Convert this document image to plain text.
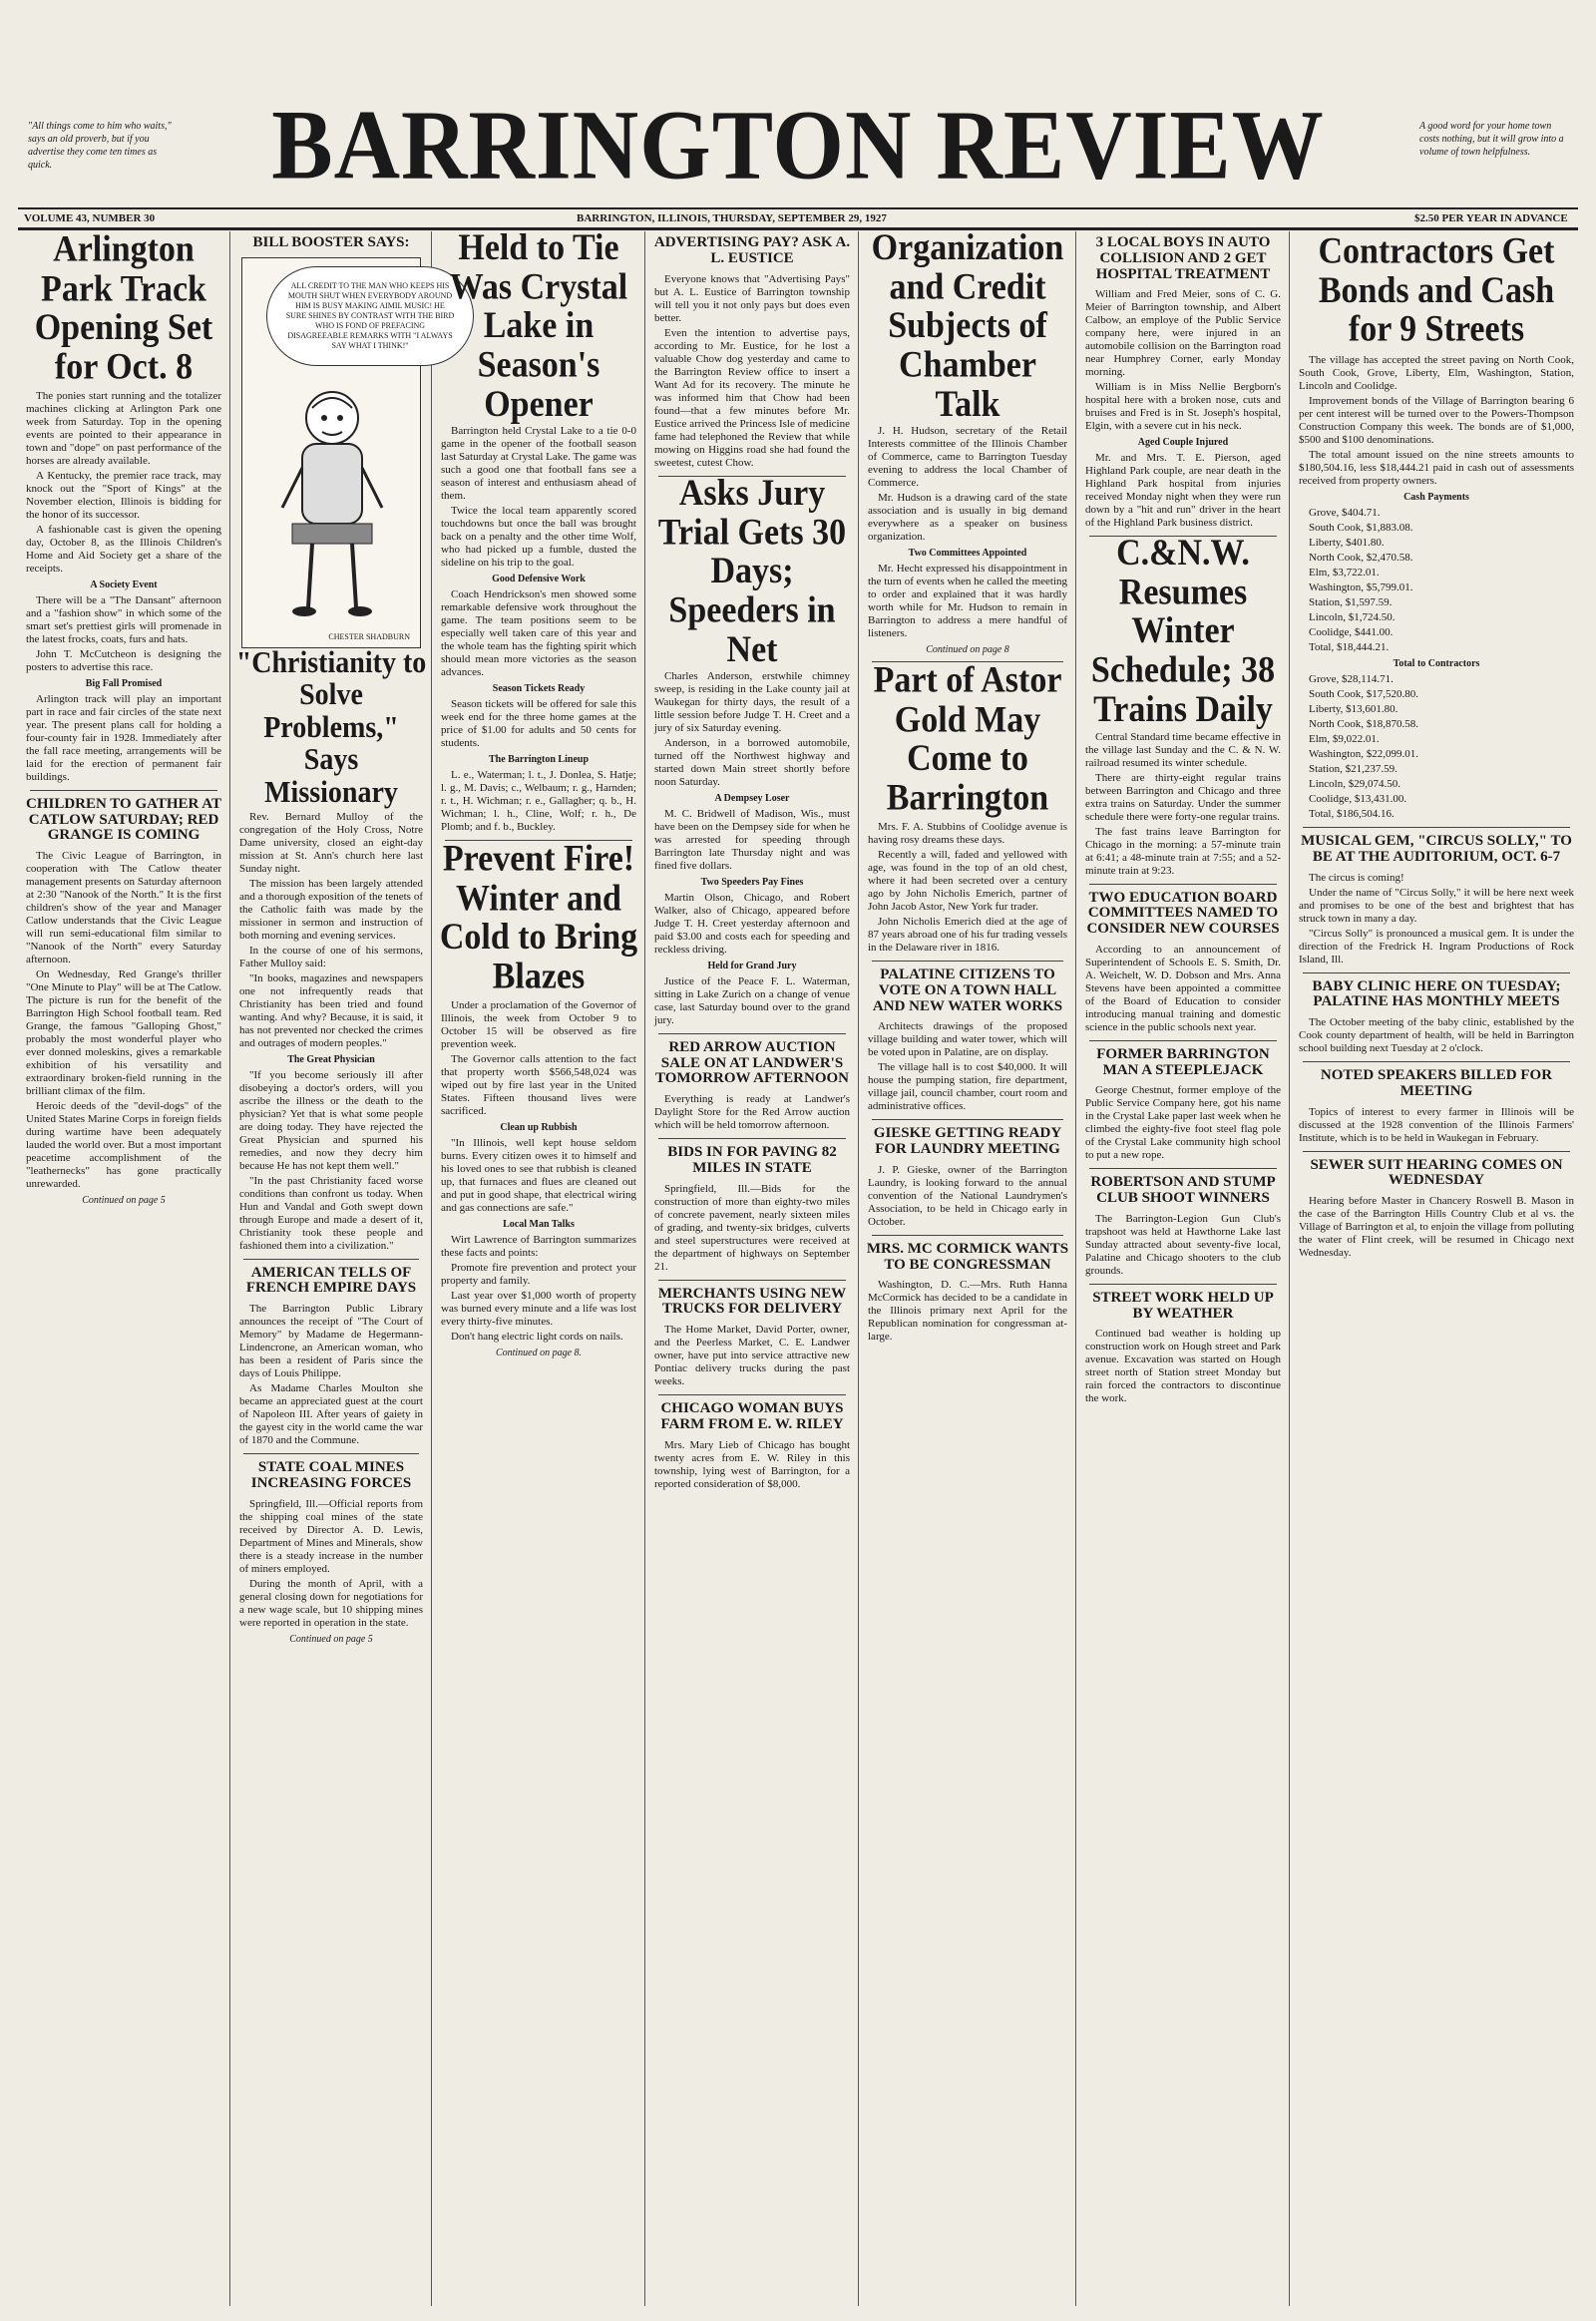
"All things come to him who waits," says an old proverb, but if you advertise they come ten times as quick.	BARRINGTON REVIEW	A good word for your home town costs nothing, but it will grow into a volume of town helpfulness.
VOLUME 43, NUMBER 30	BARRINGTON, ILLINOIS, THURSDAY, SEPTEMBER 29, 1927	$2.50 PER YEAR IN ADVANCE
Arlington Park Track Opening Set for Oct. 8

The ponies start running and the totalizer machines clicking at Arlington Park one week from Saturday. Top in the opening events are pointed to their appearance in town and "dope" on past performance of the horses are already available.

A Kentucky, the premier race track, may knock out the "Sport of Kings" at the November election, Illinois is bidding for the honor of its successor.

A fashionable cast is given the opening day, October 8, as the Illinois Children's Home and Aid Society get a share of the receipts.

A Society Event

There will be a "The Dansant" afternoon and a "fashion show" in which some of the smart set's prettiest girls will promenade in the latest frocks, coats, furs and hats.

John T. McCutcheon is designing the posters to advertise this race.

Big Fall Promised

Arlington track will play an important part in race and fair circles of the state next year. The present plans call for holding a four-county fair in 1928. Immediately after the fall race meeting, arrangements will be laid for the erection of permanent fair buildings.

CHILDREN TO GATHER AT CATLOW SATURDAY; RED GRANGE IS COMING

The Civic League of Barrington, in cooperation with The Catlow theater management presents on Saturday afternoon at 2:30 "Nanook of the North." It is the first children's show of the year and Manager Catlow understands that the Civic League will run semi-educational film similar to "Nanook of the North" every Saturday afternoon.

On Wednesday, Red Grange's thriller "One Minute to Play" will be at The Catlow. The picture is run for the benefit of the Barrington High School football team. Red Grange, the famous "Galloping Ghost," probably the most wonderful player who ever donned moleskins, gives a remarkable exhibition of his versatility and extraordinary broken-field running in the brilliant climax of the film.

Heroic deeds of the "devil-dogs" of the United States Marine Corps in foreign fields during wartime have been adequately lauded the world over. But a most important peacetime accomplishment of the "leathernecks" has gone practically unrewarded.

Continued on page 5
BILL BOOSTER SAYS:
ALL CREDIT TO THE MAN WHO KEEPS HIS MOUTH SHUT WHEN EVERYBODY AROUND HIM IS BUSY MAKING AIMIL MUSIC! HE SURE SHINES BY CONTRAST WITH THE BIRD WHO IS FOND OF PREFACING DISAGREEABLE REMARKS WITH "I ALWAYS SAY WHAT I THINK!"
CHESTER SHADBURN
"Christianity to Solve Problems," Says Missionary

Rev. Bernard Mulloy of the congregation of the Holy Cross, Notre Dame university, closed an eight-day mission at St. Ann's church here last Sunday night.

The mission has been largely attended and a thorough exposition of the tenets of the Catholic faith was made by the missioner in sermon and instruction of both morning and evening services.

In the course of one of his sermons, Father Mulloy said:

"In books, magazines and newspapers one not infrequently reads that Christianity has been tried and found wanting. And why? Because, it is said, it has not prevented nor checked the crimes and outrages of modern peoples."

The Great Physician

"If you become seriously ill after disobeying a doctor's orders, will you ascribe the illness or the death to the physician? Yet that is what some people are doing today. They have rejected the Great Physician and spurned his remedies, and now they decry him because He has not kept them well."

"In the past Christianity faced worse conditions than confront us today. When Hun and Vandal and Goth swept down through Europe and made a desert of it, Christianity took these people and fashioned them into a civilization."

AMERICAN TELLS OF FRENCH EMPIRE DAYS

The Barrington Public Library announces the receipt of "The Court of Memory" by Madame de Hegermann-Lindencrone, an American woman, who has been a resident of Paris since the days of Louis Philippe.

As Madame Charles Moulton she became an appreciated guest at the court of Napoleon III. After years of gaiety in the gayest city in the world came the war of 1870 and the Commune.

STATE COAL MINES INCREASING FORCES

Springfield, Ill.—Official reports from the shipping coal mines of the state received by Director A. D. Lewis, Department of Mines and Minerals, show there is a steady increase in the number of miners employed.

During the month of April, with a general closing down for negotiations for a new wage scale, but 10 shipping mines were reported in operation in the state.

Continued on page 5
Held to Tie Was Crystal Lake in Season's Opener

Barrington held Crystal Lake to a tie 0-0 game in the opener of the football season last Saturday at Crystal Lake. The game was such a good one that football fans see a season of interest and enthusiasm ahead of them.

Twice the local team apparently scored touchdowns but once the ball was brought back on a penalty and the other time Wolf, who had picked up a fumble, dusted the sideline on his trip to the goal.

Good Defensive Work

Coach Hendrickson's men showed some remarkable defensive work throughout the game. The team positions seem to be especially well taken care of this year and the whole team has the fighting spirit which should mean more victories as the season advances.

Season Tickets Ready

Season tickets will be offered for sale this week end for the three home games at the price of $1.00 for adults and 50 cents for students.

The Barrington Lineup

L. e., Waterman; l. t., J. Donlea, S. Hatje; l. g., M. Davis; c., Welbaum; r. g., Harnden; r. t., H. Wichman; r. e., Gallagher; q. b., H. Wichman; l. h., Cline, Wolf; r. h., De Plomb; and f. b., Buckley.

Prevent Fire! Winter and Cold to Bring Blazes

Under a proclamation of the Governor of Illinois, the week from October 9 to October 15 will be observed as fire prevention week.

The Governor calls attention to the fact that property worth $566,548,024 was wiped out by fire last year in the United States. Fifteen thousand lives were sacrificed.

Clean up Rubbish

"In Illinois, well kept house seldom burns. Every citizen owes it to himself and his loved ones to see that rubbish is cleaned up, that furnaces and flues are cleaned out and put in good shape, that electrical wiring and gas connections are safe."

Local Man Talks

Wirt Lawrence of Barrington summarizes these facts and points:

Promote fire prevention and protect your property and family.

Last year over $1,000 worth of property was burned every minute and a life was lost every thirty-five minutes.

Don't hang electric light cords on nails.

Continued on page 8.
ADVERTISING PAY? ASK A. L. EUSTICE

Everyone knows that "Advertising Pays" but A. L. Eustice of Barrington township will tell you it not only pays but does even better.

Even the intention to advertise pays, according to Mr. Eustice, for he lost a valuable Chow dog yesterday and came to the Barrington Review office to insert a Want Ad for its recovery. The minute he was informed him that Chow had been found—that a few minutes before Mr. Eustice arrived the Princess Isle of medicine fame had telephoned the Review that while mowing on Higgins road she had found the sweetest, cutest Chow.

Asks Jury Trial Gets 30 Days; Speeders in Net

Charles Anderson, erstwhile chimney sweep, is residing in the Lake county jail at Waukegan for thirty days, the result of a little session before Judge T. H. Creet and a jury of six Saturday evening.

Anderson, in a borrowed automobile, turned off the Northwest highway and started down Main street shortly before noon Saturday.

A Dempsey Loser

M. C. Bridwell of Madison, Wis., must have been on the Dempsey side for when he was arrested for speeding through Barrington late Thursday night and was fined five dollars.

Two Speeders Pay Fines

Martin Olson, Chicago, and Robert Walker, also of Chicago, appeared before Judge T. H. Creet yesterday afternoon and paid $3.00 and costs each for speeding and reckless driving.

Held for Grand Jury

Justice of the Peace F. L. Waterman, sitting in Lake Zurich on a change of venue case, last Saturday bound over to the grand jury.

RED ARROW AUCTION SALE ON AT LANDWER'S TOMORROW AFTERNOON

Everything is ready at Landwer's Daylight Store for the Red Arrow auction which will be held tomorrow afternoon.

BIDS IN FOR PAVING 82 MILES IN STATE

Springfield, Ill.—Bids for the construction of more than eighty-two miles of concrete pavement, nearly sixteen miles of grading, and twenty-six bridges, culverts and steel superstructures were received at the department of highways on September 21.

MERCHANTS USING NEW TRUCKS FOR DELIVERY

The Home Market, David Porter, owner, and the Peerless Market, C. E. Landwer owner, have put into service attractive new Pontiac delivery trucks during the past weeks.

CHICAGO WOMAN BUYS FARM FROM E. W. RILEY

Mrs. Mary Lieb of Chicago has bought twenty acres from E. W. Riley in this township, lying west of Barrington, for a reported consideration of $8,000.

Organization and Credit Subjects of Chamber Talk

J. H. Hudson, secretary of the Retail Interests committee of the Illinois Chamber of Commerce, came to Barrington Tuesday evening to address the local Chamber of Commerce.

Mr. Hudson is a drawing card of the state association and is usually in big demand everywhere as a speaker on business organization.

Two Committees Appointed

Mr. Hecht expressed his disappointment in the turn of events when he called the meeting to order and explained that it was hardly worth while for Mr. Hudson to remain in Barrington to address a mere handful of listeners.

Continued on page 8
Part of Astor Gold May Come to Barrington

Mrs. F. A. Stubbins of Coolidge avenue is having rosy dreams these days.

Recently a will, faded and yellowed with age, was found in the top of an old chest, where it had been secreted over a century ago by John Nicholis Emerich, partner of John Jacob Astor, New York fur trader.

John Nicholis Emerich died at the age of 87 years abroad one of his fur trading vessels in the Delaware river in 1816.

PALATINE CITIZENS TO VOTE ON A TOWN HALL AND NEW WATER WORKS

Architects drawings of the proposed village building and water tower, which will be voted upon in Palatine, are on display.

The village hall is to cost $40,000. It will house the pumping station, fire department, village jail, council chamber, court room and administrative offices.

GIESKE GETTING READY FOR LAUNDRY MEETING

J. P. Gieske, owner of the Barrington Laundry, is looking forward to the annual convention of the National Laundrymen's Association, to be held in Chicago early in October.

MRS. MC CORMICK WANTS TO BE CONGRESSMAN

Washington, D. C.—Mrs. Ruth Hanna McCormick has decided to be a candidate in the Illinois primary next April for the Republican nomination for congressman at-large.

3 LOCAL BOYS IN AUTO COLLISION AND 2 GET HOSPITAL TREATMENT

William and Fred Meier, sons of C. G. Meier of Barrington township, and Albert Calbow, an employe of the Public Service company here, were injured in an automobile collision on the Barrington road near Humphrey Corner, early Monday morning.

William is in Miss Nellie Bergborn's hospital here with a broken nose, cuts and bruises and Fred is in St. Joseph's hospital, Elgin, with a severe cut in his neck.

Aged Couple Injured

Mr. and Mrs. T. E. Pierson, aged Highland Park couple, are near death in the Highland Park hospital from injuries received Monday night when they were run down by a "hit and run" driver in the heart of the Highland Park business district.

C.&N.W. Resumes Winter Schedule; 38 Trains Daily

Central Standard time became effective in the village last Sunday and the C. & N. W. railroad resumed its winter schedule.

There are thirty-eight regular trains between Barrington and Chicago and three extra trains on Saturday. Under the summer schedule there were forty-one regular trains.

The fast trains leave Barrington for Chicago in the morning: a 57-minute train at 6:41; a 48-minute train at 7:55; and a 52-minute train at 9:23.

TWO EDUCATION BOARD COMMITTEES NAMED TO CONSIDER NEW COURSES

According to an announcement of Superintendent of Schools E. S. Smith, Dr. A. Weichelt, W. D. Dobson and Mrs. Anna Stevens have been appointed a committee of the Board of Education to consider introducing manual training and domestic science in the public schools next year.

FORMER BARRINGTON MAN A STEEPLEJACK

George Chestnut, former employe of the Public Service Company here, got his name in the Crystal Lake paper last week when he climbed the eighty-five foot steel flag pole of the Crystal Lake community high school to put a new rope.

ROBERTSON AND STUMP CLUB SHOOT WINNERS

The Barrington-Legion Gun Club's trapshoot was held at Hawthorne Lake last Sunday attracted about seventy-five local, Palatine and Chicago shooters to the club grounds.

STREET WORK HELD UP BY WEATHER

Continued bad weather is holding up construction work on Hough street and Park avenue. Excavation was started on Hough street north of Station street Monday but rain forced the contractors to discontinue the work.

Contractors Get Bonds and Cash for 9 Streets

The village has accepted the street paving on North Cook, South Cook, Grove, Liberty, Elm, Washington, Station, Lincoln and Coolidge.

Improvement bonds of the Village of Barrington bearing 6 per cent interest will be turned over to the Powers-Thompson Construction Company this week. The bonds are of $1,000, $500 and $100 denominations.

The total amount issued on the nine streets amounts to $180,504.16, less $18,444.21 paid in cash out of assessments received from property owners.

Cash Payments

Grove, $404.71.

South Cook, $1,883.08.

Liberty, $401.80.

North Cook, $2,470.58.

Elm, $3,722.01.

Washington, $5,799.01.

Station, $1,597.59.

Lincoln, $1,724.50.

Coolidge, $441.00.

Total, $18,444.21.

Total to Contractors

Grove, $28,114.71.

South Cook, $17,520.80.

Liberty, $13,601.80.

North Cook, $18,870.58.

Elm, $9,022.01.

Washington, $22,099.01.

Station, $21,237.59.

Lincoln, $29,074.50.

Coolidge, $13,431.00.

Total, $186,504.16.

MUSICAL GEM, "CIRCUS SOLLY," TO BE AT THE AUDITORIUM, OCT. 6-7

The circus is coming!

Under the name of "Circus Solly," it will be here next week and promises to be one of the best and brightest that has struck town in many a day.

"Circus Solly" is pronounced a musical gem. It is under the direction of the Fredrick H. Ingram Productions of Rock Island, Ill.

BABY CLINIC HERE ON TUESDAY; PALATINE HAS MONTHLY MEETS

The October meeting of the baby clinic, established by the Cook county department of health, will be held in Barrington school building next Tuesday at 2 o'clock.

NOTED SPEAKERS BILLED FOR MEETING

Topics of interest to every farmer in Illinois will be discussed at the 1928 convention of the Illinois Farmers' Institute, which is to be held in Waukegan in February.

SEWER SUIT HEARING COMES ON WEDNESDAY

Hearing before Master in Chancery Roswell B. Mason in the case of the Barrington Hills Country Club et al vs. the Village of Barrington et al, to enjoin the village from polluting the water of Flint creek, will be resumed in Chicago next Wednesday.
